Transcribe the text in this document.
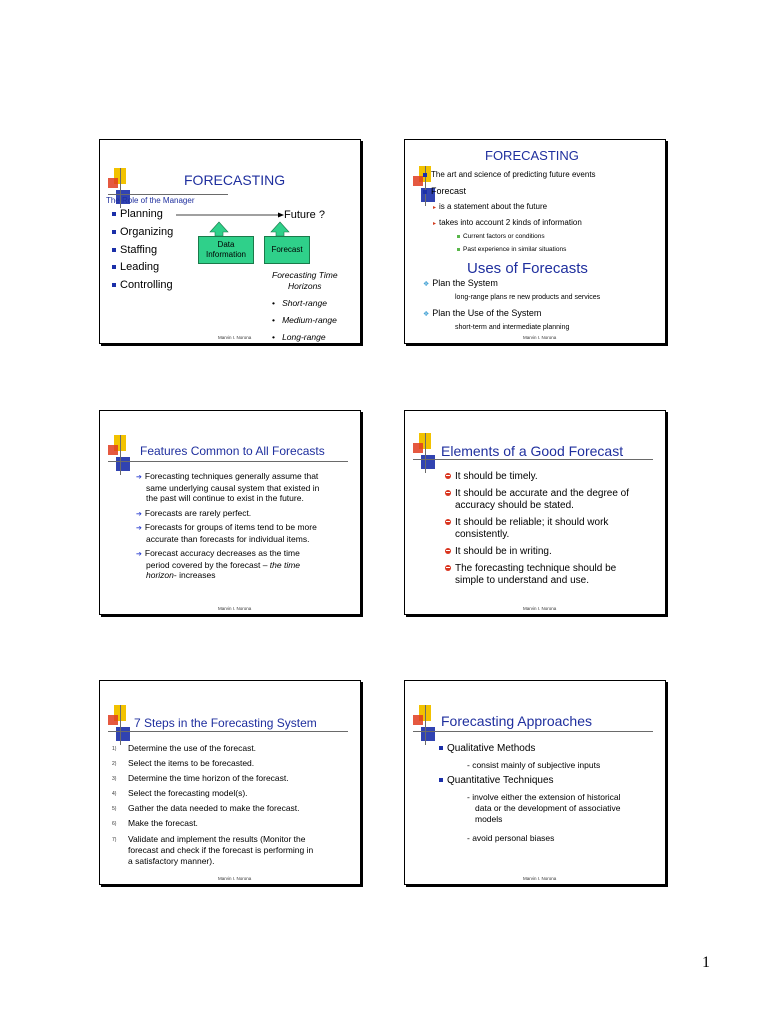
FORECASTING
The Role of the Manager
Planning
Organizing
Staffing
Leading
Controlling
Future ?
Data
Information
Forecast
Forecasting Time
Horizons
•   Short-range
•   Medium-range
•   Long-range
Marvin I. Norona
FORECASTING
The art and science of predicting future events
Forecast
▸ is a statement about the future
▸ takes into account 2 kinds of information
Current factors or conditions
Past experience in similar situations
Uses of Forecasts
❖ Plan the System
long-range plans re new products and services
❖ Plan the Use of the System
short-term and intermediate planning
Marvin I. Norona
Features Common to All Forecasts
➔ Forecasting techniques generally assume that
same underlying causal system that existed in
the past will continue to exist in the future.
➔ Forecasts are rarely perfect.
➔ Forecasts for groups of items tend to be more
accurate than forecasts for individual items.
➔ Forecast accuracy decreases as the time
period covered by the forecast – the time
horizon- increases
Marvin I. Norona
Elements of a Good Forecast
It should be timely.
It should be accurate and the degree of
accuracy should be stated.
It should be reliable; it should work
consistently.
It should be in writing.
The forecasting technique should be
simple to understand and use.
Marvin I. Norona
7 Steps in the Forecasting System
1) Determine the use of the forecast.
2) Select the items to be forecasted.
3) Determine the time horizon of the forecast.
4) Select the forecasting model(s).
5) Gather the data needed to make the forecast.
6) Make the forecast.
7) Validate and implement the results (Monitor the
forecast and check if the forecast is performing in
a satisfactory manner).
Marvin I. Norona
Forecasting Approaches
Qualitative Methods
- consist mainly of subjective inputs
Quantitative Techniques
- involve either the extension of historical
data or the development of associative
models
- avoid personal biases
Marvin I. Norona
1
